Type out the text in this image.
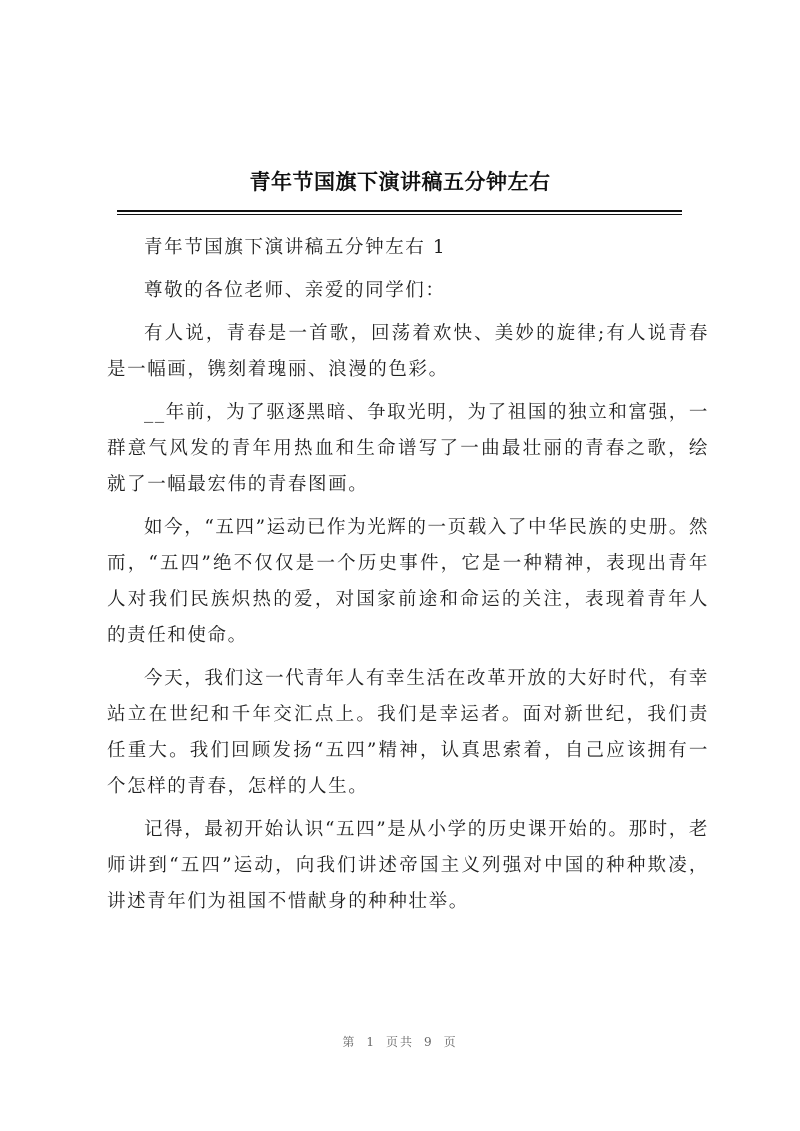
青年节国旗下演讲稿五分钟左右

青年节国旗下演讲稿五分钟左右 1

尊敬的各位老师、亲爱的同学们：

有人说，青春是一首歌，回荡着欢快、美妙的旋律;有人说青春是一幅画，镌刻着瑰丽、浪漫的色彩。

__年前，为了驱逐黑暗、争取光明，为了祖国的独立和富强，一群意气风发的青年用热血和生命谱写了一曲最壮丽的青春之歌，绘就了一幅最宏伟的青春图画。

如今，“五四”运动已作为光辉的一页载入了中华民族的史册。然而，“五四”绝不仅仅是一个历史事件，它是一种精神，表现出青年人对我们民族炽热的爱，对国家前途和命运的关注，表现着青年人的责任和使命。

今天，我们这一代青年人有幸生活在改革开放的大好时代，有幸站立在世纪和千年交汇点上。我们是幸运者。面对新世纪，我们责任重大。我们回顾发扬“五四”精神，认真思索着，自己应该拥有一个怎样的青春，怎样的人生。

记得，最初开始认识“五四”是从小学的历史课开始的。那时，老师讲到“五四”运动，向我们讲述帝国主义列强对中国的种种欺凌，讲述青年们为祖国不惜献身的种种壮举。

第 1 页共 9 页
